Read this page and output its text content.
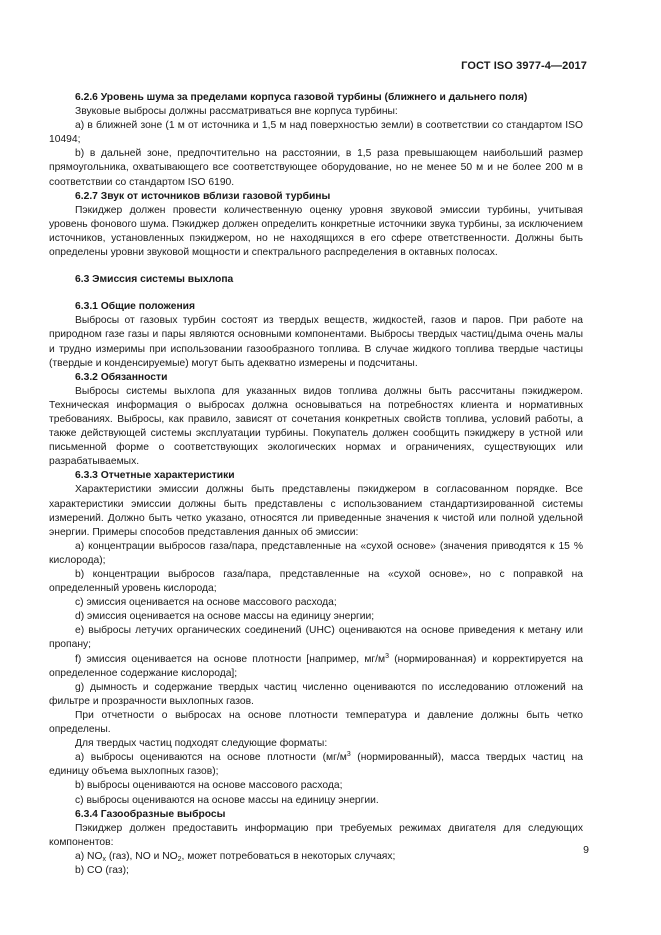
ГОСТ ISO 3977-4—2017

6.2.6 Уровень шума за пределами корпуса газовой турбины (ближнего и дальнего поля)

Звуковые выбросы должны рассматриваться вне корпуса турбины:

a) в ближней зоне (1 м от источника и 1,5 м над поверхностью земли) в соответствии со стандартом ISO 10494;

b) в дальней зоне, предпочтительно на расстоянии, в 1,5 раза превышающем наибольший размер прямоугольника, охватывающего все соответствующее оборудование, но не менее 50 м и не более 200 м в соответствии со стандартом ISO 6190.

6.2.7 Звук от источников вблизи газовой турбины

Пэкиджер должен провести количественную оценку уровня звуковой эмиссии турбины, учитывая уровень фонового шума. Пэкиджер должен определить конкретные источники звука турбины, за исключением источников, установленных пэкиджером, но не находящихся в его сфере ответственности. Должны быть определены уровни звуковой мощности и спектрального распределения в октавных полосах.

6.3 Эмиссия системы выхлопа

6.3.1 Общие положения

Выбросы от газовых турбин состоят из твердых веществ, жидкостей, газов и паров. При работе на природном газе газы и пары являются основными компонентами. Выбросы твердых частиц/дыма очень малы и трудно измеримы при использовании газообразного топлива. В случае жидкого топлива твердые частицы (твердые и конденсируемые) могут быть адекватно измерены и подсчитаны.

6.3.2 Обязанности

Выбросы системы выхлопа для указанных видов топлива должны быть рассчитаны пэкиджером. Техническая информация о выбросах должна основываться на потребностях клиента и нормативных требованиях. Выбросы, как правило, зависят от сочетания конкретных свойств топлива, условий работы, а также действующей системы эксплуатации турбины. Покупатель должен сообщить пэкиджеру в устной или письменной форме о соответствующих экологических нормах и ограничениях, существующих или разрабатываемых.

6.3.3 Отчетные характеристики

Характеристики эмиссии должны быть представлены пэкиджером в согласованном порядке. Все характеристики эмиссии должны быть представлены с использованием стандартизированной системы измерений. Должно быть четко указано, относятся ли приведенные значения к чистой или полной удельной энергии. Примеры способов представления данных об эмиссии:

a) концентрации выбросов газа/пара, представленные на «сухой основе» (значения приводятся к 15 % кислорода);

b) концентрации выбросов газа/пара, представленные на «сухой основе», но с поправкой на определенный уровень кислорода;

c) эмиссия оценивается на основе массового расхода;

d) эмиссия оценивается на основе массы на единицу энергии;

e) выбросы летучих органических соединений (UHC) оцениваются на основе приведения к метану или пропану;

f) эмиссия оценивается на основе плотности [например, $мг/м^3$ (нормированная) и корректируется на определенное содержание кислорода];

g) дымность и содержание твердых частиц численно оцениваются по исследованию отложений на фильтре и прозрачности выхлопных газов.

При отчетности о выбросах на основе плотности температура и давление должны быть четко определены.

Для твердых частиц подходят следующие форматы:

a) выбросы оцениваются на основе плотности ($мг/м^3$ (нормированный), масса твердых частиц на единицу объема выхлопных газов);

b) выбросы оцениваются на основе массового расхода;

c) выбросы оцениваются на основе массы на единицу энергии.

6.3.4 Газообразные выбросы

Пэкиджер должен предоставить информацию при требуемых режимах двигателя для следующих компонентов:

a) $NO_x$ (газ), NO и $NO_2$, может потребоваться в некоторых случаях;

b) CO (газ);

9
